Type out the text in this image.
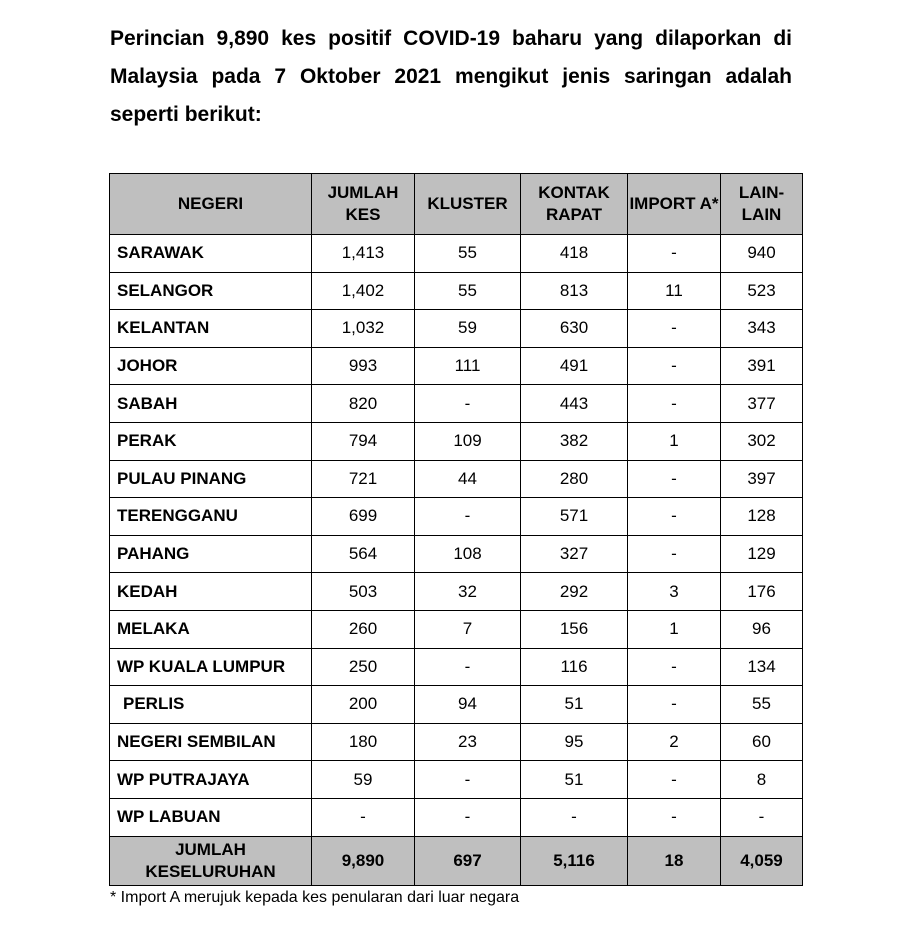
Perincian 9,890 kes positif COVID-19 baharu yang dilaporkan di Malaysia pada 7 Oktober 2021 mengikut jenis saringan adalah seperti berikut:

NEGERI	JUMLAH KES	KLUSTER	KONTAK RAPAT	IMPORT A*	LAIN-LAIN
SARAWAK	1,413	55	418	-	940
SELANGOR	1,402	55	813	11	523
KELANTAN	1,032	59	630	-	343
JOHOR	993	111	491	-	391
SABAH	820	-	443	-	377
PERAK	794	109	382	1	302
PULAU PINANG	721	44	280	-	397
TERENGGANU	699	-	571	-	128
PAHANG	564	108	327	-	129
KEDAH	503	32	292	3	176
MELAKA	260	7	156	1	96
WP KUALA LUMPUR	250	-	116	-	134
PERLIS	200	94	51	-	55
NEGERI SEMBILAN	180	23	95	2	60
WP PUTRAJAYA	59	-	51	-	8
WP LABUAN	-	-	-	-	-
JUMLAH KESELURUHAN	9,890	697	5,116	18	4,059

* Import A merujuk kepada kes penularan dari luar negara
